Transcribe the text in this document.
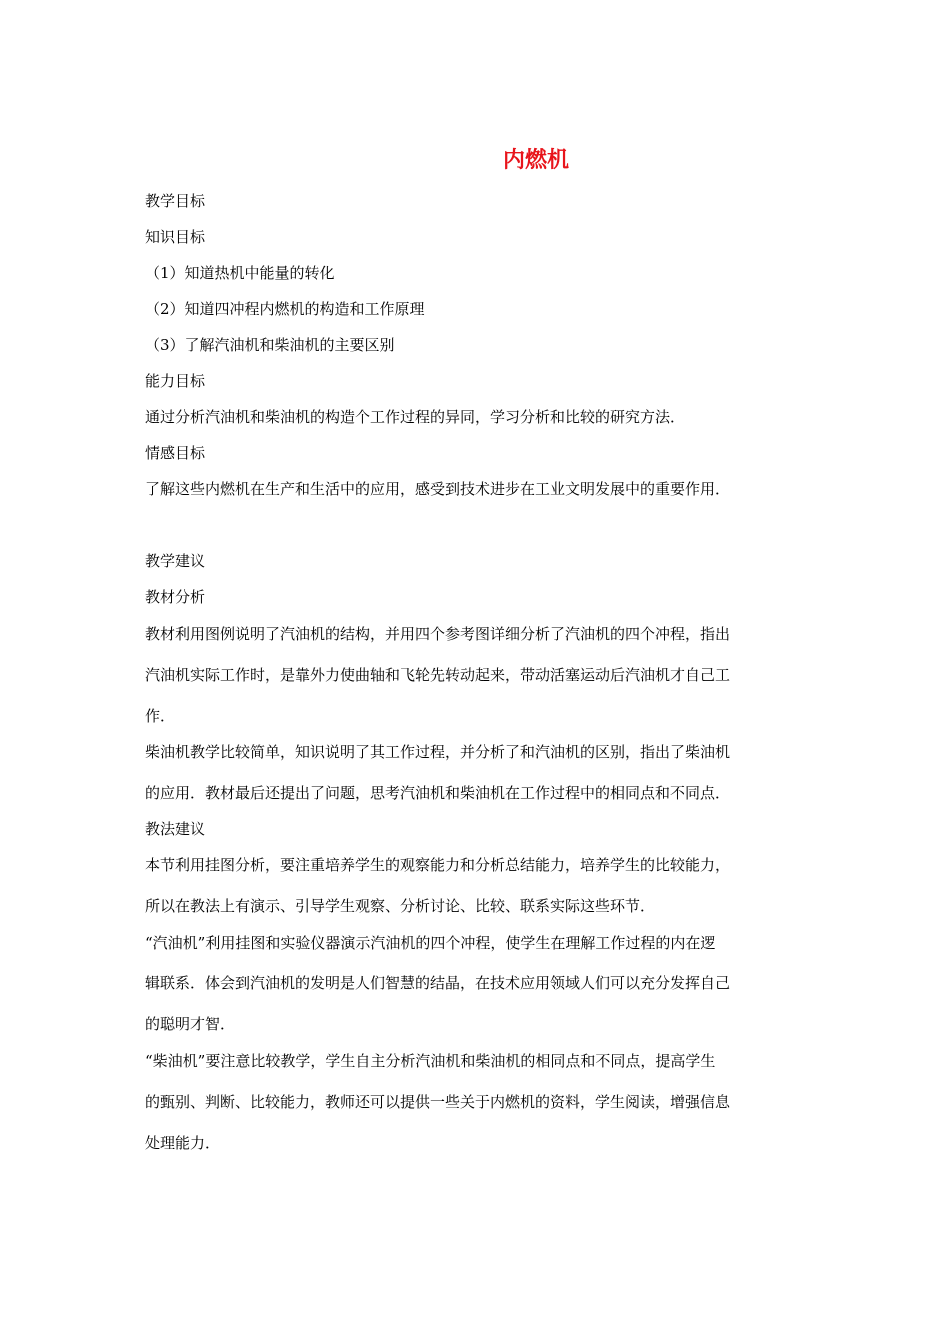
内燃机
教学目标
知识目标
（1）知道热机中能量的转化
（2）知道四冲程内燃机的构造和工作原理
（3）了解汽油机和柴油机的主要区别
能力目标
通过分析汽油机和柴油机的构造个工作过程的异同，学习分析和比较的研究方法．
情感目标
了解这些内燃机在生产和生活中的应用，感受到技术进步在工业文明发展中的重要作用．
教学建议
教材分析
教材利用图例说明了汽油机的结构，并用四个参考图详细分析了汽油机的四个冲程，指出
汽油机实际工作时，是靠外力使曲轴和飞轮先转动起来，带动活塞运动后汽油机才自己工
作．
柴油机教学比较简单，知识说明了其工作过程，并分析了和汽油机的区别，指出了柴油机
的应用．教材最后还提出了问题，思考汽油机和柴油机在工作过程中的相同点和不同点．
教法建议
本节利用挂图分析，要注重培养学生的观察能力和分析总结能力，培养学生的比较能力，
所以在教法上有演示、引导学生观察、分析讨论、比较、联系实际这些环节．
“汽油机”利用挂图和实验仪器演示汽油机的四个冲程，使学生在理解工作过程的内在逻
辑联系．体会到汽油机的发明是人们智慧的结晶，在技术应用领域人们可以充分发挥自己
的聪明才智．
“柴油机”要注意比较教学，学生自主分析汽油机和柴油机的相同点和不同点，提高学生
的甄别、判断、比较能力，教师还可以提供一些关于内燃机的资料，学生阅读，增强信息
处理能力．
